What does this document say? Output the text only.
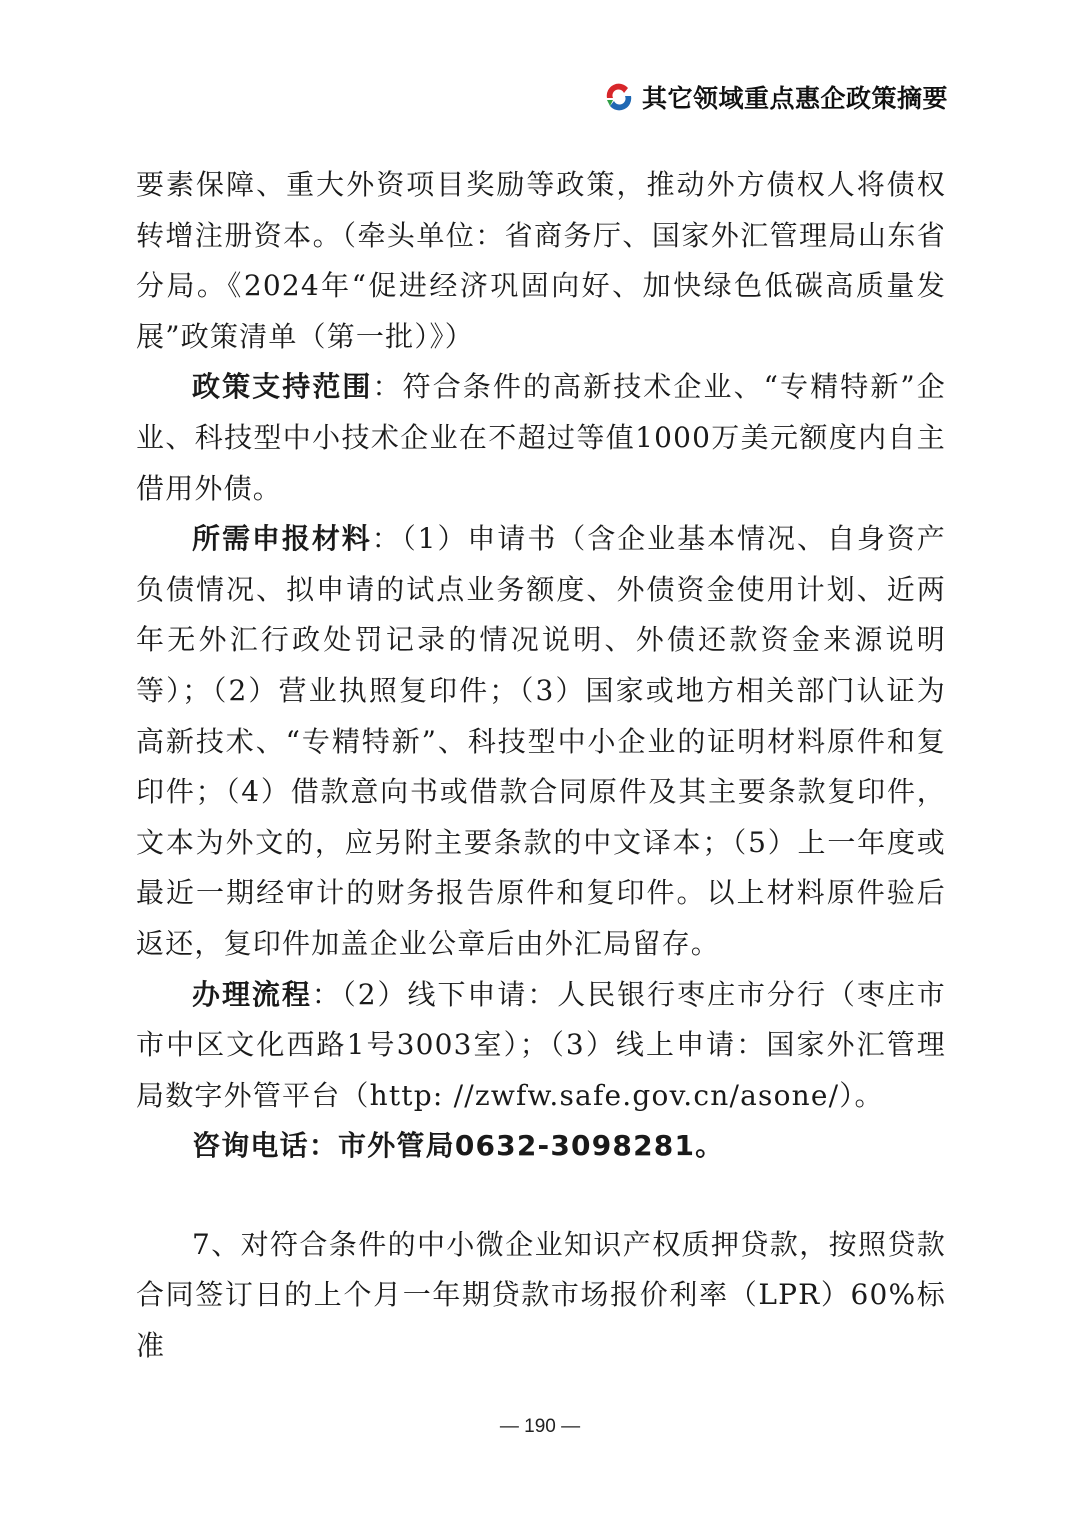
其它领域重点惠企政策摘要

要素保障、重大外资项目奖励等政策，推动外方债权人将债权转增注册资本。（牵头单位：省商务厅、国家外汇管理局山东省分局。《2024年“促进经济巩固向好、加快绿色低碳高质量发展”政策清单（第一批）》）

政策支持范围：符合条件的高新技术企业、“专精特新”企业、科技型中小技术企业在不超过等值1000万美元额度内自主借用外债。

所需申报材料：（1）申请书（含企业基本情况、自身资产负债情况、拟申请的试点业务额度、外债资金使用计划、近两年无外汇行政处罚记录的情况说明、外债还款资金来源说明等）；（2）营业执照复印件；（3）国家或地方相关部门认证为高新技术、“专精特新”、科技型中小企业的证明材料原件和复印件；（4）借款意向书或借款合同原件及其主要条款复印件，文本为外文的，应另附主要条款的中文译本；（5）上一年度或最近一期经审计的财务报告原件和复印件。以上材料原件验后返还，复印件加盖企业公章后由外汇局留存。

办理流程：（2）线下申请：人民银行枣庄市分行（枣庄市市中区文化西路1号3003室）；（3）线上申请：国家外汇管理局数字外管平台（http: //zwfw.safe.gov.cn/asone/）。

咨询电话：市外管局0632-3098281。

7、对符合条件的中小微企业知识产权质押贷款，按照贷款合同签订日的上个月一年期贷款市场报价利率（LPR）60%标准

— 190 —
